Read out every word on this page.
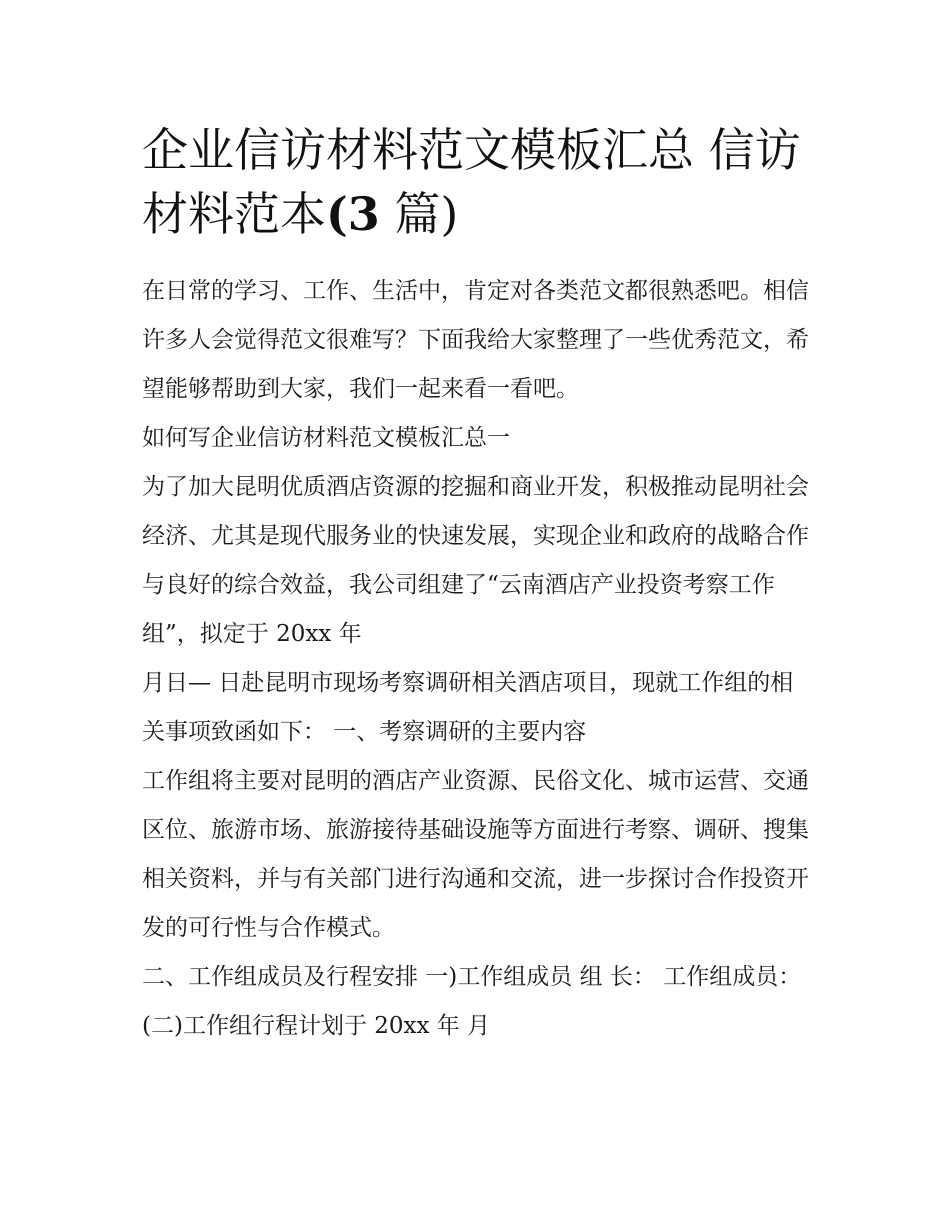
企业信访材料范文模板汇总 信访材料范本(3 篇)

在日常的学习、工作、生活中，肯定对各类范文都很熟悉吧。相信许多人会觉得范文很难写？下面我给大家整理了一些优秀范文，希望能够帮助到大家，我们一起来看一看吧。

如何写企业信访材料范文模板汇总一

为了加大昆明优质酒店资源的挖掘和商业开发，积极推动昆明社会经济、尤其是现代服务业的快速发展，实现企业和政府的战略合作与良好的综合效益，我公司组建了“云南酒店产业投资考察工作组”，拟定于 20xx 年

月日— 日赴昆明市现场考察调研相关酒店项目，现就工作组的相关事项致函如下： 一、考察调研的主要内容

工作组将主要对昆明的酒店产业资源、民俗文化、城市运营、交通区位、旅游市场、旅游接待基础设施等方面进行考察、调研、搜集相关资料，并与有关部门进行沟通和交流，进一步探讨合作投资开发的可行性与合作模式。

二、工作组成员及行程安排 一)工作组成员 组 长： 工作组成员： (二)工作组行程计划于 20xx 年 月
